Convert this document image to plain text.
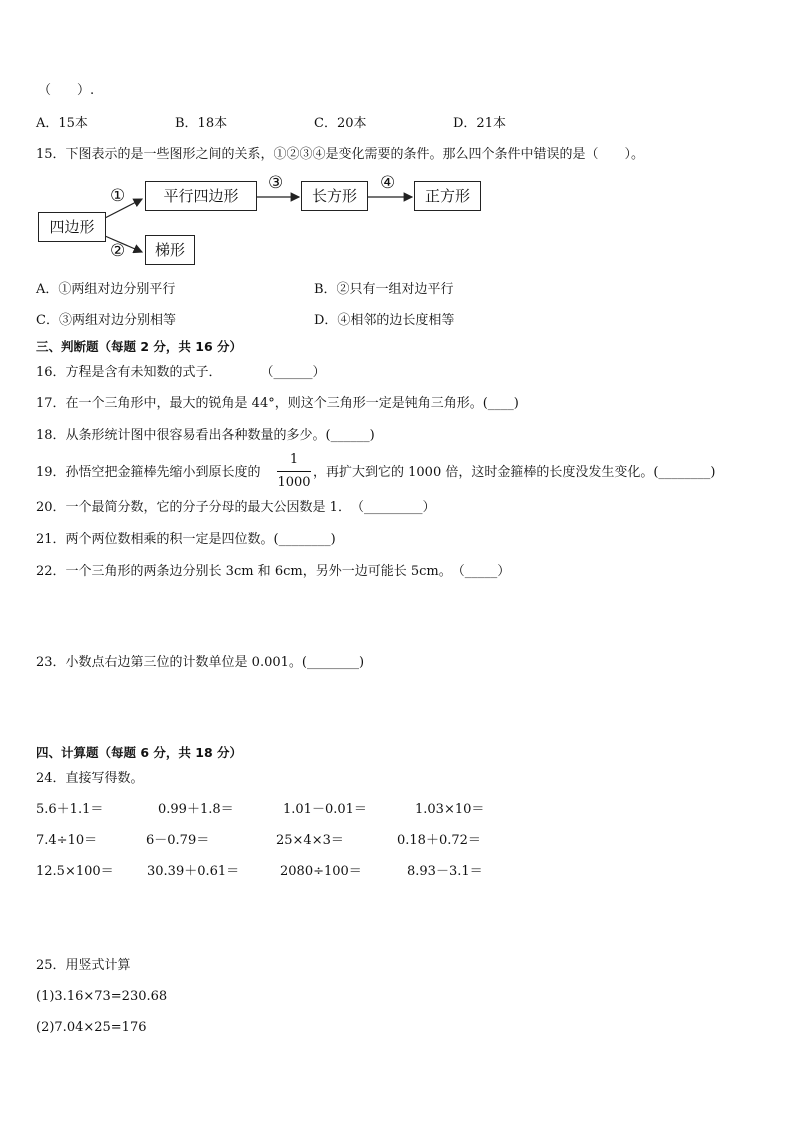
（　　）.
A．15本	B．18本	C．20本	D．21本
15．下图表示的是一些图形之间的关系，①②③④是变化需要的条件。那么四个条件中错误的是（　　）。
四边形
平行四边形	长方形	正方形
梯形
①
②
③	④
A．①两组对边分别平行	B．②只有一组对边平行
C．③两组对边分别相等	D．④相邻的边长度相等
三、判断题（每题 2 分，共 16 分）
16．方程是含有未知数的式子．　　　　（______）
17．在一个三角形中，最大的锐角是 44°，则这个三角形一定是钝角三角形。(____)
18．从条形统计图中很容易看出各种数量的多少。(______)
19．孙悟空把金箍棒先缩小到原长度的
1
1000
，再扩大到它的 1000 倍，这时金箍棒的长度没发生变化。(________)
20．一个最简分数，它的分子分母的最大公因数是 1．　（_________）
21．两个两位数相乘的积一定是四位数。(________)
22．一个三角形的两条边分别长 3cm 和 6cm，另外一边可能长 5cm。　（_____）
23．小数点右边第三位的计数单位是 0.001。(________)
四、计算题（每题 6 分，共 18 分）
24．直接写得数。
5.6＋1.1＝	0.99＋1.8＝	1.01－0.01＝	1.03×10＝
7.4÷10＝	6－0.79＝	25×4×3＝	0.18＋0.72＝
12.5×100＝	30.39＋0.61＝	2080÷100＝	8.93－3.1＝
25．用竖式计算
(1)3.16×73=230.68
(2)7.04×25=176
